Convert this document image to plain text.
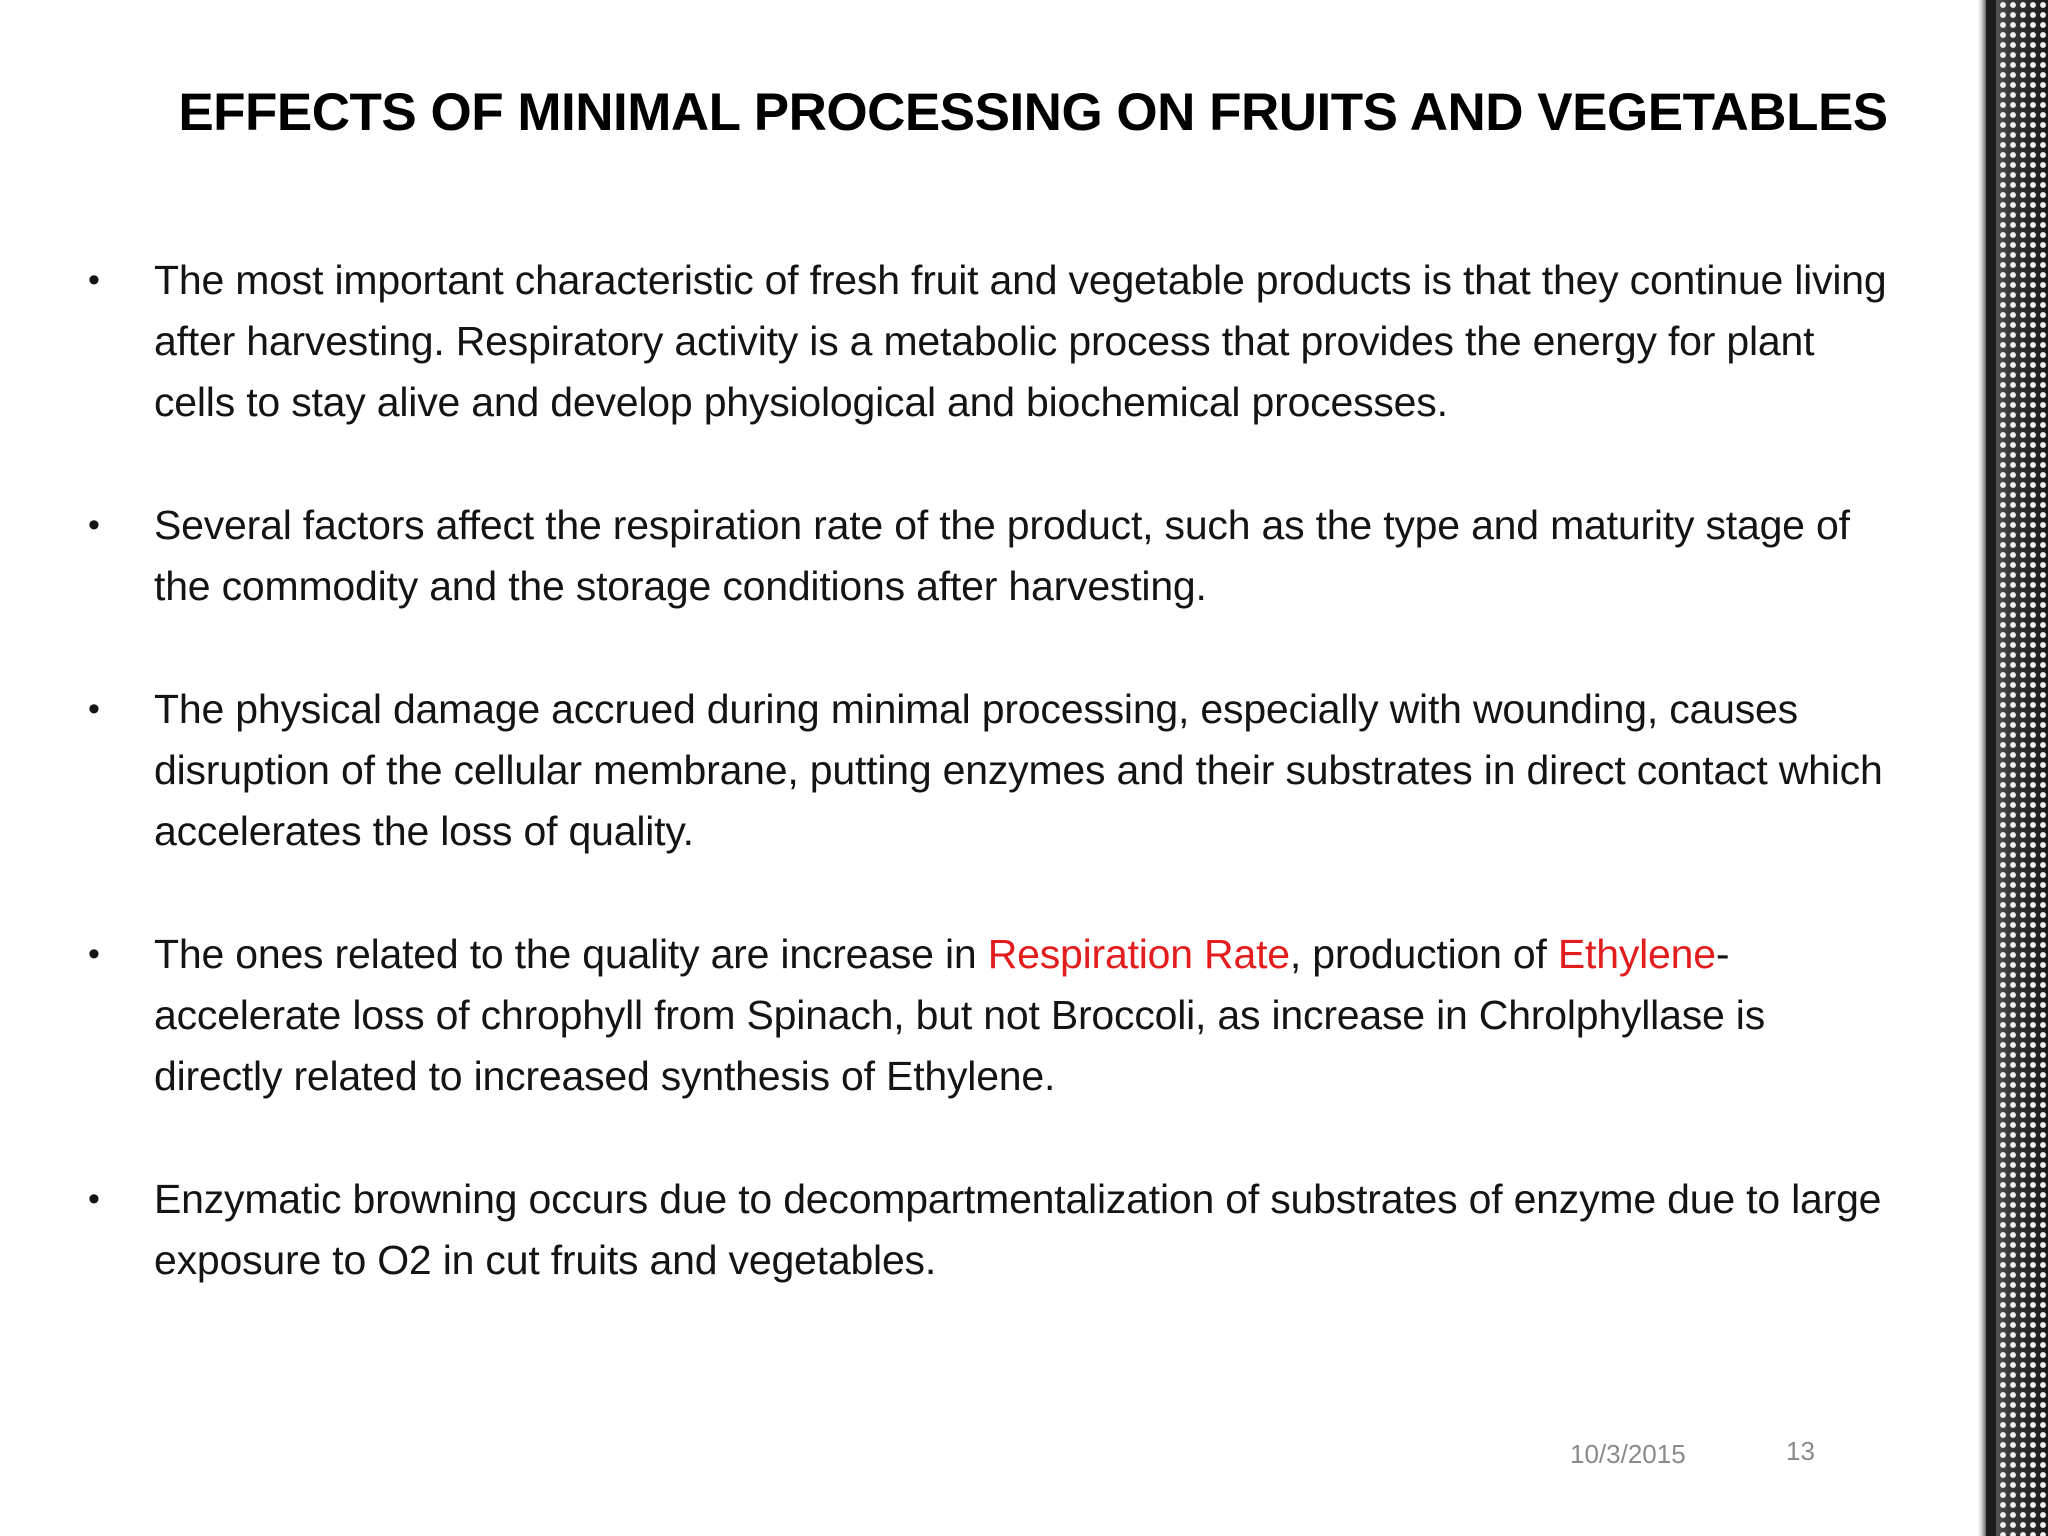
EFFECTS OF MINIMAL PROCESSING ON FRUITS AND VEGETABLES
• The most important characteristic of fresh fruit and vegetable products is that they continue living after harvesting. Respiratory activity is a metabolic process that provides the energy for plant cells to stay alive and develop physiological and biochemical processes.
• Several factors affect the respiration rate of the product, such as the type and maturity stage of the commodity and the storage conditions after harvesting.
• The physical damage accrued during minimal processing, especially with wounding, causes disruption of the cellular membrane, putting enzymes and their substrates in direct contact which accelerates the loss of quality.
• The ones related to the quality are increase in Respiration Rate, production of Ethylene- accelerate loss of chrophyll from Spinach, but not Broccoli, as increase in Chrolphyllase is directly related to increased synthesis of Ethylene.
• Enzymatic browning occurs due to decompartmentalization of substrates of enzyme due to large exposure to O2 in cut fruits and vegetables.
10/3/2015	13
